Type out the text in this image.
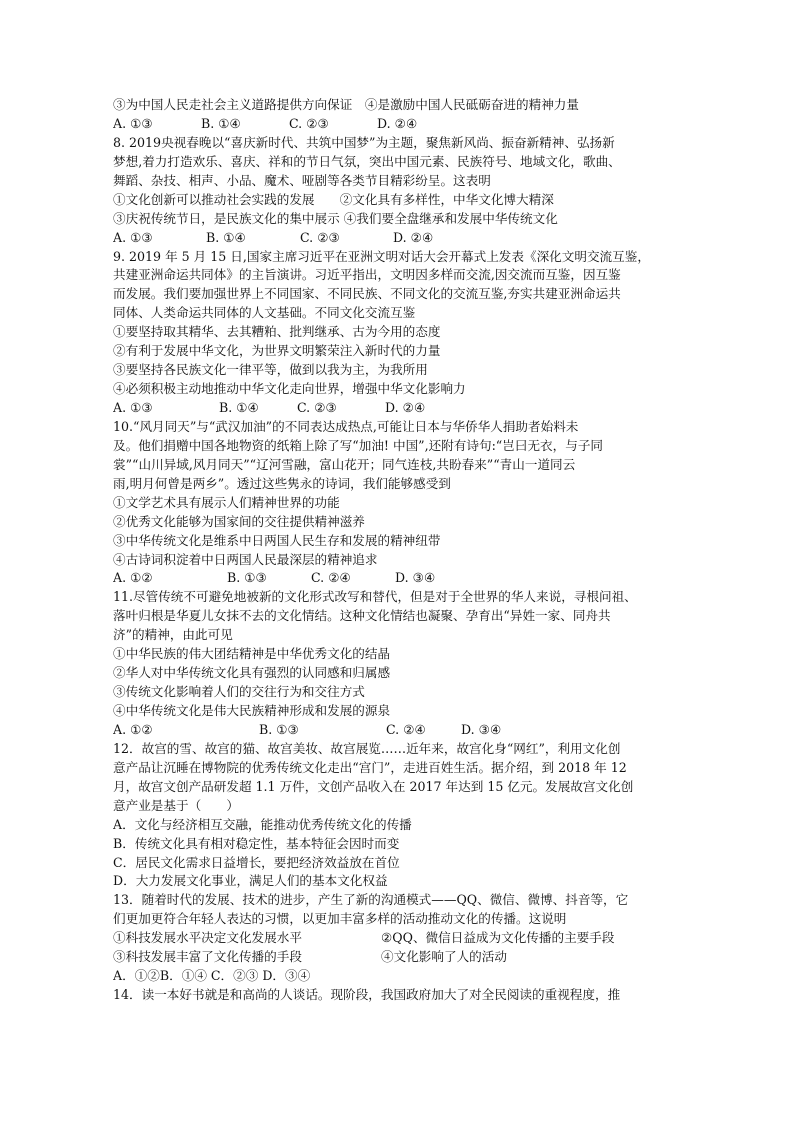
③为中国人民走社会主义道路提供方向保证　④是激励中国人民砥砺奋进的精神力量
A. ①③	B. ①④	C. ②③	D. ②④
8. 2019央视春晚以“喜庆新时代、共筑中国梦”为主题，聚焦新风尚、振奋新精神、弘扬新
梦想,着力打造欢乐、喜庆、祥和的节日气氛，突出中国元素、民族符号、地域文化，歌曲、
舞蹈、杂技、相声、小品、魔术、哑剧等各类节目精彩纷呈。这表明
①文化创新可以推动社会实践的发展　　②文化具有多样性，中华文化博大精深
③庆祝传统节日，是民族文化的集中展示 ④我们要全盘继承和发展中华传统文化
A. ①③	B. ①④	C. ②③	D. ②④
9. 2019 年 5 月 15 日,国家主席习近平在亚洲文明对话大会开幕式上发表《深化文明交流互鉴，
共建亚洲命运共同体》的主旨演讲。习近平指出，文明因多样而交流,因交流而互鉴，因互鉴
而发展。我们要加强世界上不同国家、不同民族、不同文化的交流互鉴,夯实共建亚洲命运共
同体、人类命运共同体的人文基础。不同文化交流互鉴
①要坚持取其精华、去其糟粕、批判继承、古为今用的态度
②有利于发展中华文化，为世界文明繁荣注入新时代的力量
③要坚持各民族文化一律平等，做到以我为主，为我所用
④必须积极主动地推动中华文化走向世界，增强中华文化影响力
A. ①③	B. ①④	C. ②③	D. ②④
10.“风月同天”与“武汉加油”的不同表达成热点,可能让日本与华侨华人捐助者始料未
及。他们捐赠中国各地物资的纸箱上除了写“加油! 中国”,还附有诗句:“岂曰无衣，与子同
裳”“山川异域,风月同天”“辽河雪融，富山花开；同气连枝,共盼春来”“青山一道同云
雨,明月何曾是两乡”。透过这些隽永的诗词，我们能够感受到
①文学艺术具有展示人们精神世界的功能
②优秀文化能够为国家间的交往提供精神滋养
③中华传统文化是维系中日两国人民生存和发展的精神纽带
④古诗词积淀着中日两国人民最深层的精神追求
A. ①②	B. ①③	C. ②④	D. ③④
11.尽管传统不可避免地被新的文化形式改写和替代，但是对于全世界的华人来说，寻根问祖、
落叶归根是华夏儿女抹不去的文化情结。这种文化情结也凝聚、孕育出“异姓一家、同舟共
济”的精神，由此可见
①中华民族的伟大团结精神是中华优秀文化的结晶
②华人对中华传统文化具有强烈的认同感和归属感
③传统文化影响着人们的交往行为和交往方式
④中华传统文化是伟大民族精神形成和发展的源泉
A. ①②	B. ①③	C. ②④	D. ③④
12．故宫的雪、故宫的猫、故宫美妆、故宫展览……近年来，故宫化身“网红”，利用文化创
意产品让沉睡在博物院的优秀传统文化走出“宫门”，走进百姓生活。据介绍，到 2018 年 12
月，故宫文创产品研发超 1.1 万件，文创产品收入在 2017 年达到 15 亿元。发展故宫文化创
意产业是基于（　　）
A．文化与经济相互交融，能推动优秀传统文化的传播
B．传统文化具有相对稳定性，基本特征会因时而变
C．居民文化需求日益增长，要把经济效益放在首位
D．大力发展文化事业，满足人们的基本文化权益
13．随着时代的发展、技术的进步，产生了新的沟通模式——QQ、微信、微博、抖音等，它
们更加更符合年轻人表达的习惯，以更加丰富多样的活动推动文化的传播。这说明
①科技发展水平决定文化发展水平	②QQ、微信日益成为文化传播的主要手段
③科技发展丰富了文化传播的手段	④文化影响了人的活动
A．①②B．①④ C．②③ D．③④
14．读一本好书就是和高尚的人谈话。现阶段，我国政府加大了对全民阅读的重视程度，推
